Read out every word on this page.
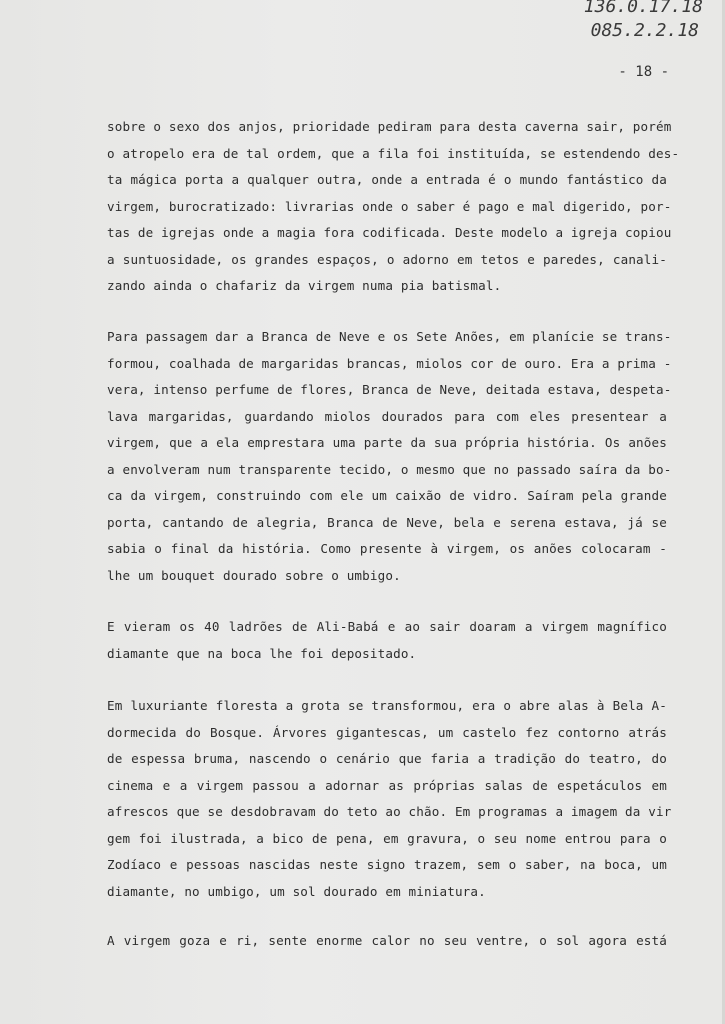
136.0.17.18
085.2.2.18
- 18 -
sobre o sexo dos anjos, prioridade pediram para desta caverna sair, porém
o atropelo era de tal ordem, que a fila foi instituída, se estendendo des-
ta mágica porta a qualquer outra, onde a entrada é o mundo fantástico da
virgem, burocratizado: livrarias onde o saber é pago e mal digerido, por-
tas de igrejas onde a magia fora codificada. Deste modelo a igreja copiou
a suntuosidade, os grandes espaços, o adorno em tetos e paredes, canali-
zando ainda o chafariz da virgem numa pia batismal.
Para passagem dar a Branca de Neve e os Sete Anões, em planície se trans-
formou, coalhada de margaridas brancas, miolos cor de ouro. Era a prima -
vera, intenso perfume de flores, Branca de Neve, deitada estava, despeta-
lava margaridas, guardando miolos dourados para com eles presentear a
virgem, que a ela emprestara uma parte da sua própria história. Os anões
a envolveram num transparente tecido, o mesmo que no passado saíra da bo-
ca da virgem, construindo com ele um caixão de vidro. Saíram pela grande
porta, cantando de alegria, Branca de Neve, bela e serena estava, já se
sabia o final da história. Como presente à virgem, os anões colocaram -
lhe um bouquet dourado sobre o umbigo.
E vieram os 40 ladrões de Ali-Babá e ao sair doaram a virgem magnífico
diamante que na boca lhe foi depositado.
Em luxuriante floresta a grota se transformou, era o abre alas à Bela A-
dormecida do Bosque. Árvores gigantescas, um castelo fez contorno atrás
de espessa bruma, nascendo o cenário que faria a tradição do teatro, do
cinema e a virgem passou a adornar as próprias salas de espetáculos em
afrescos que se desdobravam do teto ao chão. Em programas a imagem da vir
gem foi ilustrada, a bico de pena, em gravura, o seu nome entrou para o
Zodíaco e pessoas nascidas neste signo trazem, sem o saber, na boca, um
diamante, no umbigo, um sol dourado em miniatura.
A virgem goza e ri, sente enorme calor no seu ventre, o sol agora está
